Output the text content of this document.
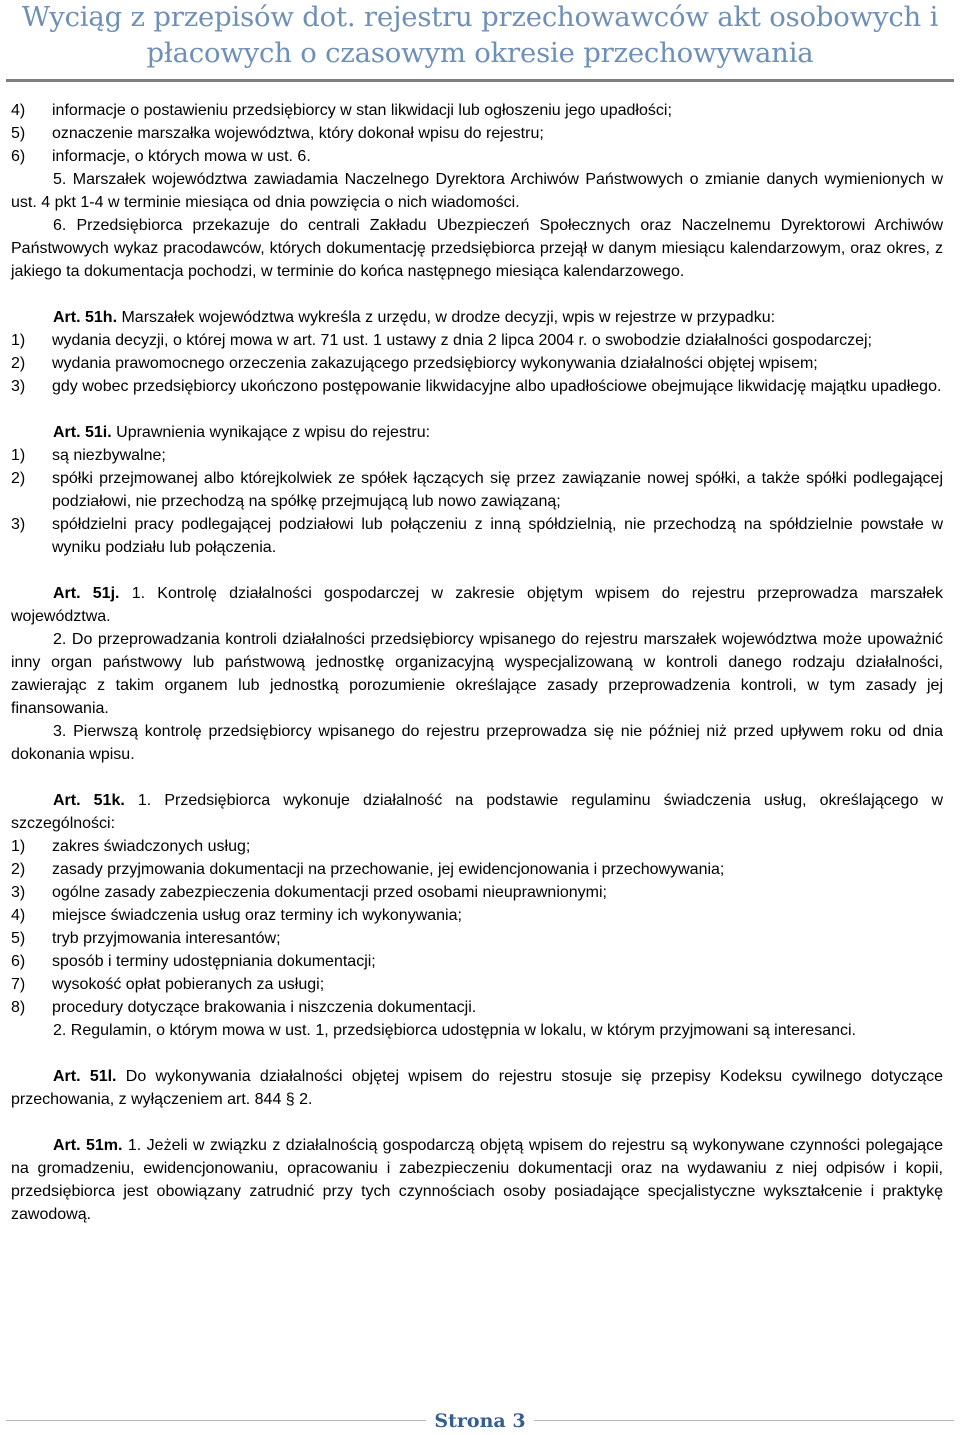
Wyciąg z przepisów dot. rejestru przechowawców akt osobowych i
płacowych o czasowym okresie przechowywania
4)	informacje o postawieniu przedsiębiorcy w stan likwidacji lub ogłoszeniu jego upadłości;
5)	oznaczenie marszałka województwa, który dokonał wpisu do rejestru;
6)	informacje, o których mowa w ust. 6.

5. Marszałek województwa zawiadamia Naczelnego Dyrektora Archiwów Państwowych o zmianie danych wymienionych w ust. 4 pkt 1-4 w terminie miesiąca od dnia powzięcia o nich wiadomości.

6. Przedsiębiorca przekazuje do centrali Zakładu Ubezpieczeń Społecznych oraz Naczelnemu Dyrektorowi Archiwów Państwowych wykaz pracodawców, których dokumentację przedsiębiorca przejął w danym miesiącu kalendarzowym, oraz okres, z jakiego ta dokumentacja pochodzi, w terminie do końca następnego miesiąca kalendarzowego.

Art. 51h. Marszałek województwa wykreśla z urzędu, w drodze decyzji, wpis w rejestrze w przypadku:

1)	wydania decyzji, o której mowa w art. 71 ust. 1 ustawy z dnia 2 lipca 2004 r. o swobodzie działalności gospodarczej;
2)	wydania prawomocnego orzeczenia zakazującego przedsiębiorcy wykonywania działalności objętej wpisem;
3)	gdy wobec przedsiębiorcy ukończono postępowanie likwidacyjne albo upadłościowe obejmujące likwidację majątku upadłego.

Art. 51i. Uprawnienia wynikające z wpisu do rejestru:

1)	są niezbywalne;
2)	spółki przejmowanej albo którejkolwiek ze spółek łączących się przez zawiązanie nowej spółki, a także spółki podlegającej podziałowi, nie przechodzą na spółkę przejmującą lub nowo zawiązaną;
3)	spółdzielni pracy podlegającej podziałowi lub połączeniu z inną spółdzielnią, nie przechodzą na spółdzielnie powstałe w wyniku podziału lub połączenia.

Art. 51j. 1. Kontrolę działalności gospodarczej w zakresie objętym wpisem do rejestru przeprowadza marszałek województwa.

2. Do przeprowadzania kontroli działalności przedsiębiorcy wpisanego do rejestru marszałek województwa może upoważnić inny organ państwowy lub państwową jednostkę organizacyjną wyspecjalizowaną w kontroli danego rodzaju działalności, zawierając z takim organem lub jednostką porozumienie określające zasady przeprowadzenia kontroli, w tym zasady jej finansowania.

3. Pierwszą kontrolę przedsiębiorcy wpisanego do rejestru przeprowadza się nie później niż przed upływem roku od dnia dokonania wpisu.

Art. 51k. 1. Przedsiębiorca wykonuje działalność na podstawie regulaminu świadczenia usług, określającego w szczególności:

1)	zakres świadczonych usług;
2)	zasady przyjmowania dokumentacji na przechowanie, jej ewidencjonowania i przechowywania;
3)	ogólne zasady zabezpieczenia dokumentacji przed osobami nieuprawnionymi;
4)	miejsce świadczenia usług oraz terminy ich wykonywania;
5)	tryb przyjmowania interesantów;
6)	sposób i terminy udostępniania dokumentacji;
7)	wysokość opłat pobieranych za usługi;
8)	procedury dotyczące brakowania i niszczenia dokumentacji.

2. Regulamin, o którym mowa w ust. 1, przedsiębiorca udostępnia w lokalu, w którym przyjmowani są interesanci.

Art. 51l. Do wykonywania działalności objętej wpisem do rejestru stosuje się przepisy Kodeksu cywilnego dotyczące przechowania, z wyłączeniem art. 844 § 2.

Art. 51m. 1. Jeżeli w związku z działalnością gospodarczą objętą wpisem do rejestru są wykonywane czynności polegające na gromadzeniu, ewidencjonowaniu, opracowaniu i zabezpieczeniu dokumentacji oraz na wydawaniu z niej odpisów i kopii, przedsiębiorca jest obowiązany zatrudnić przy tych czynnościach osoby posiadające specjalistyczne wykształcenie i praktykę zawodową.

Strona 3
